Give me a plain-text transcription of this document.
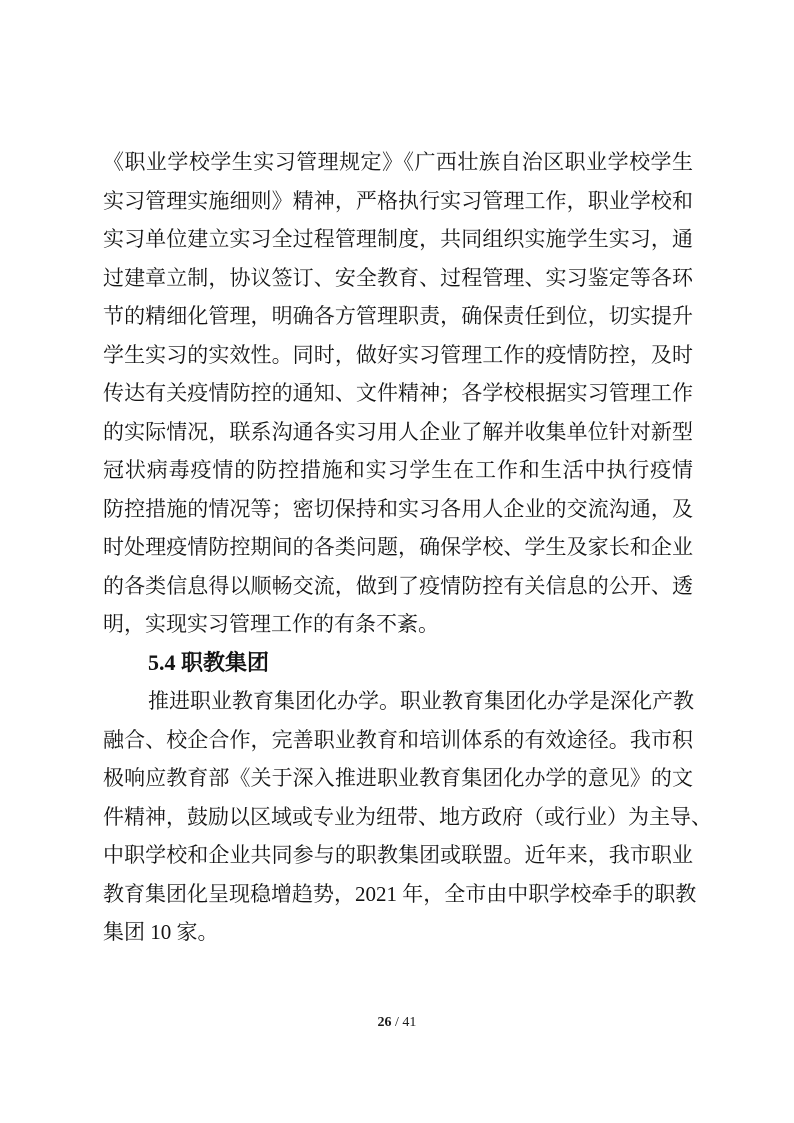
《职业学校学生实习管理规定》《广西壮族自治区职业学校学生
实习管理实施细则》精神，严格执行实习管理工作，职业学校和
实习单位建立实习全过程管理制度，共同组织实施学生实习，通
过建章立制，协议签订、安全教育、过程管理、实习鉴定等各环
节的精细化管理，明确各方管理职责，确保责任到位，切实提升
学生实习的实效性。同时，做好实习管理工作的疫情防控，及时
传达有关疫情防控的通知、文件精神；各学校根据实习管理工作
的实际情况，联系沟通各实习用人企业了解并收集单位针对新型
冠状病毒疫情的防控措施和实习学生在工作和生活中执行疫情
防控措施的情况等；密切保持和实习各用人企业的交流沟通，及
时处理疫情防控期间的各类问题，确保学校、学生及家长和企业
的各类信息得以顺畅交流，做到了疫情防控有关信息的公开、透
明，实现实习管理工作的有条不紊。
5.4 职教集团
推进职业教育集团化办学。职业教育集团化办学是深化产教
融合、校企合作，完善职业教育和培训体系的有效途径。我市积
极响应教育部《关于深入推进职业教育集团化办学的意见》的文
件精神，鼓励以区域或专业为纽带、地方政府（或行业）为主导、
中职学校和企业共同参与的职教集团或联盟。近年来，我市职业
教育集团化呈现稳增趋势，2021 年，全市由中职学校牵手的职教
集团 10 家。
26 / 41
